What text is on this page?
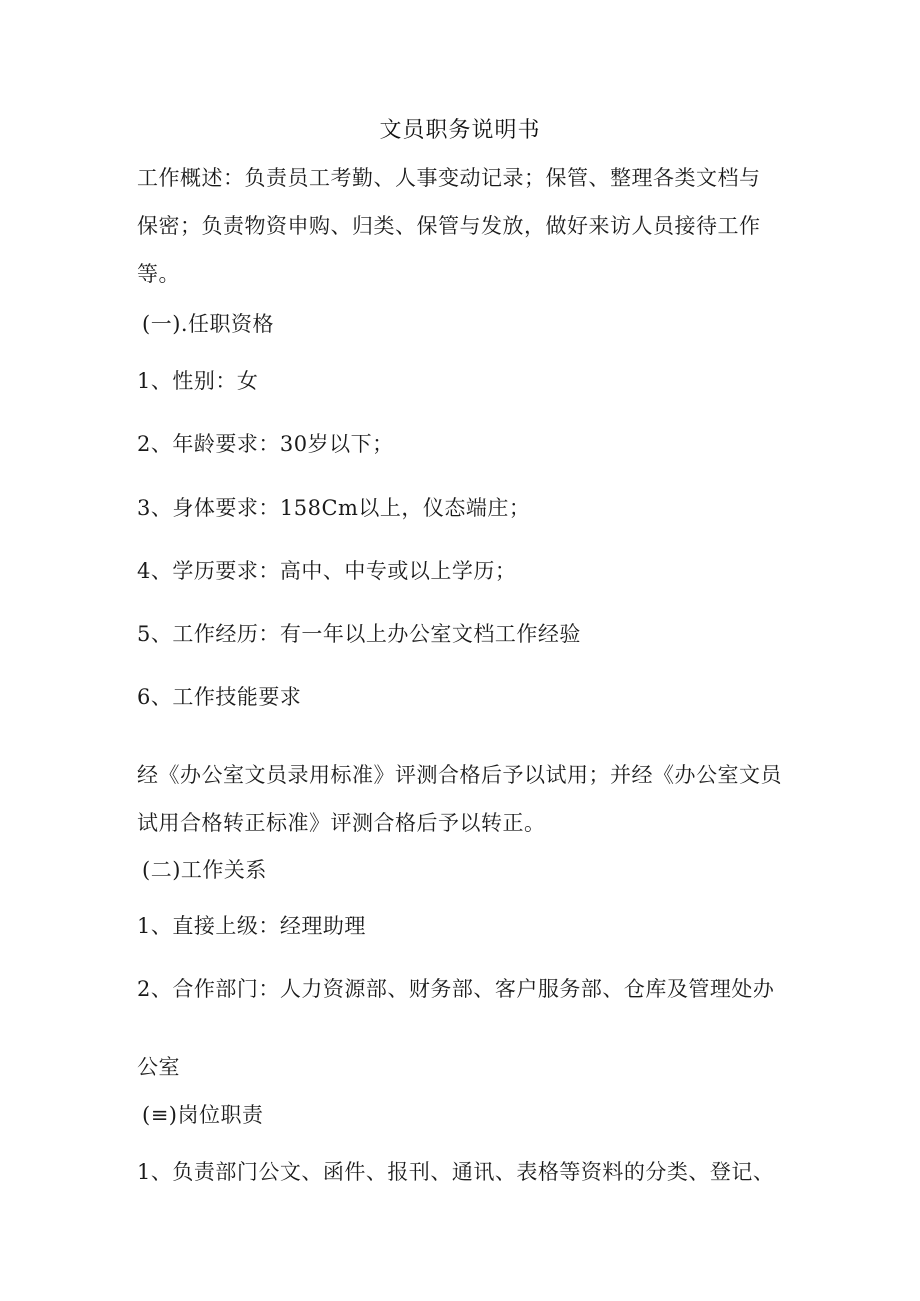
文员职务说明书
工作概述：负责员工考勤、人事变动记录；保管、整理各类文档与
保密；负责物资申购、归类、保管与发放，做好来访人员接待工作
等。
(一).任职资格
1、性别：女
2、年龄要求：30岁以下；
3、身体要求：158Cm以上，仪态端庄；
4、学历要求：高中、中专或以上学历；
5、工作经历：有一年以上办公室文档工作经验
6、工作技能要求
经《办公室文员录用标准》评测合格后予以试用；并经《办公室文员
试用合格转正标准》评测合格后予以转正。
(二)工作关系
1、直接上级：经理助理
2、合作部门：人力资源部、财务部、客户服务部、仓库及管理处办
公室
(≡)岗位职责
1、负责部门公文、函件、报刊、通讯、表格等资料的分类、登记、
